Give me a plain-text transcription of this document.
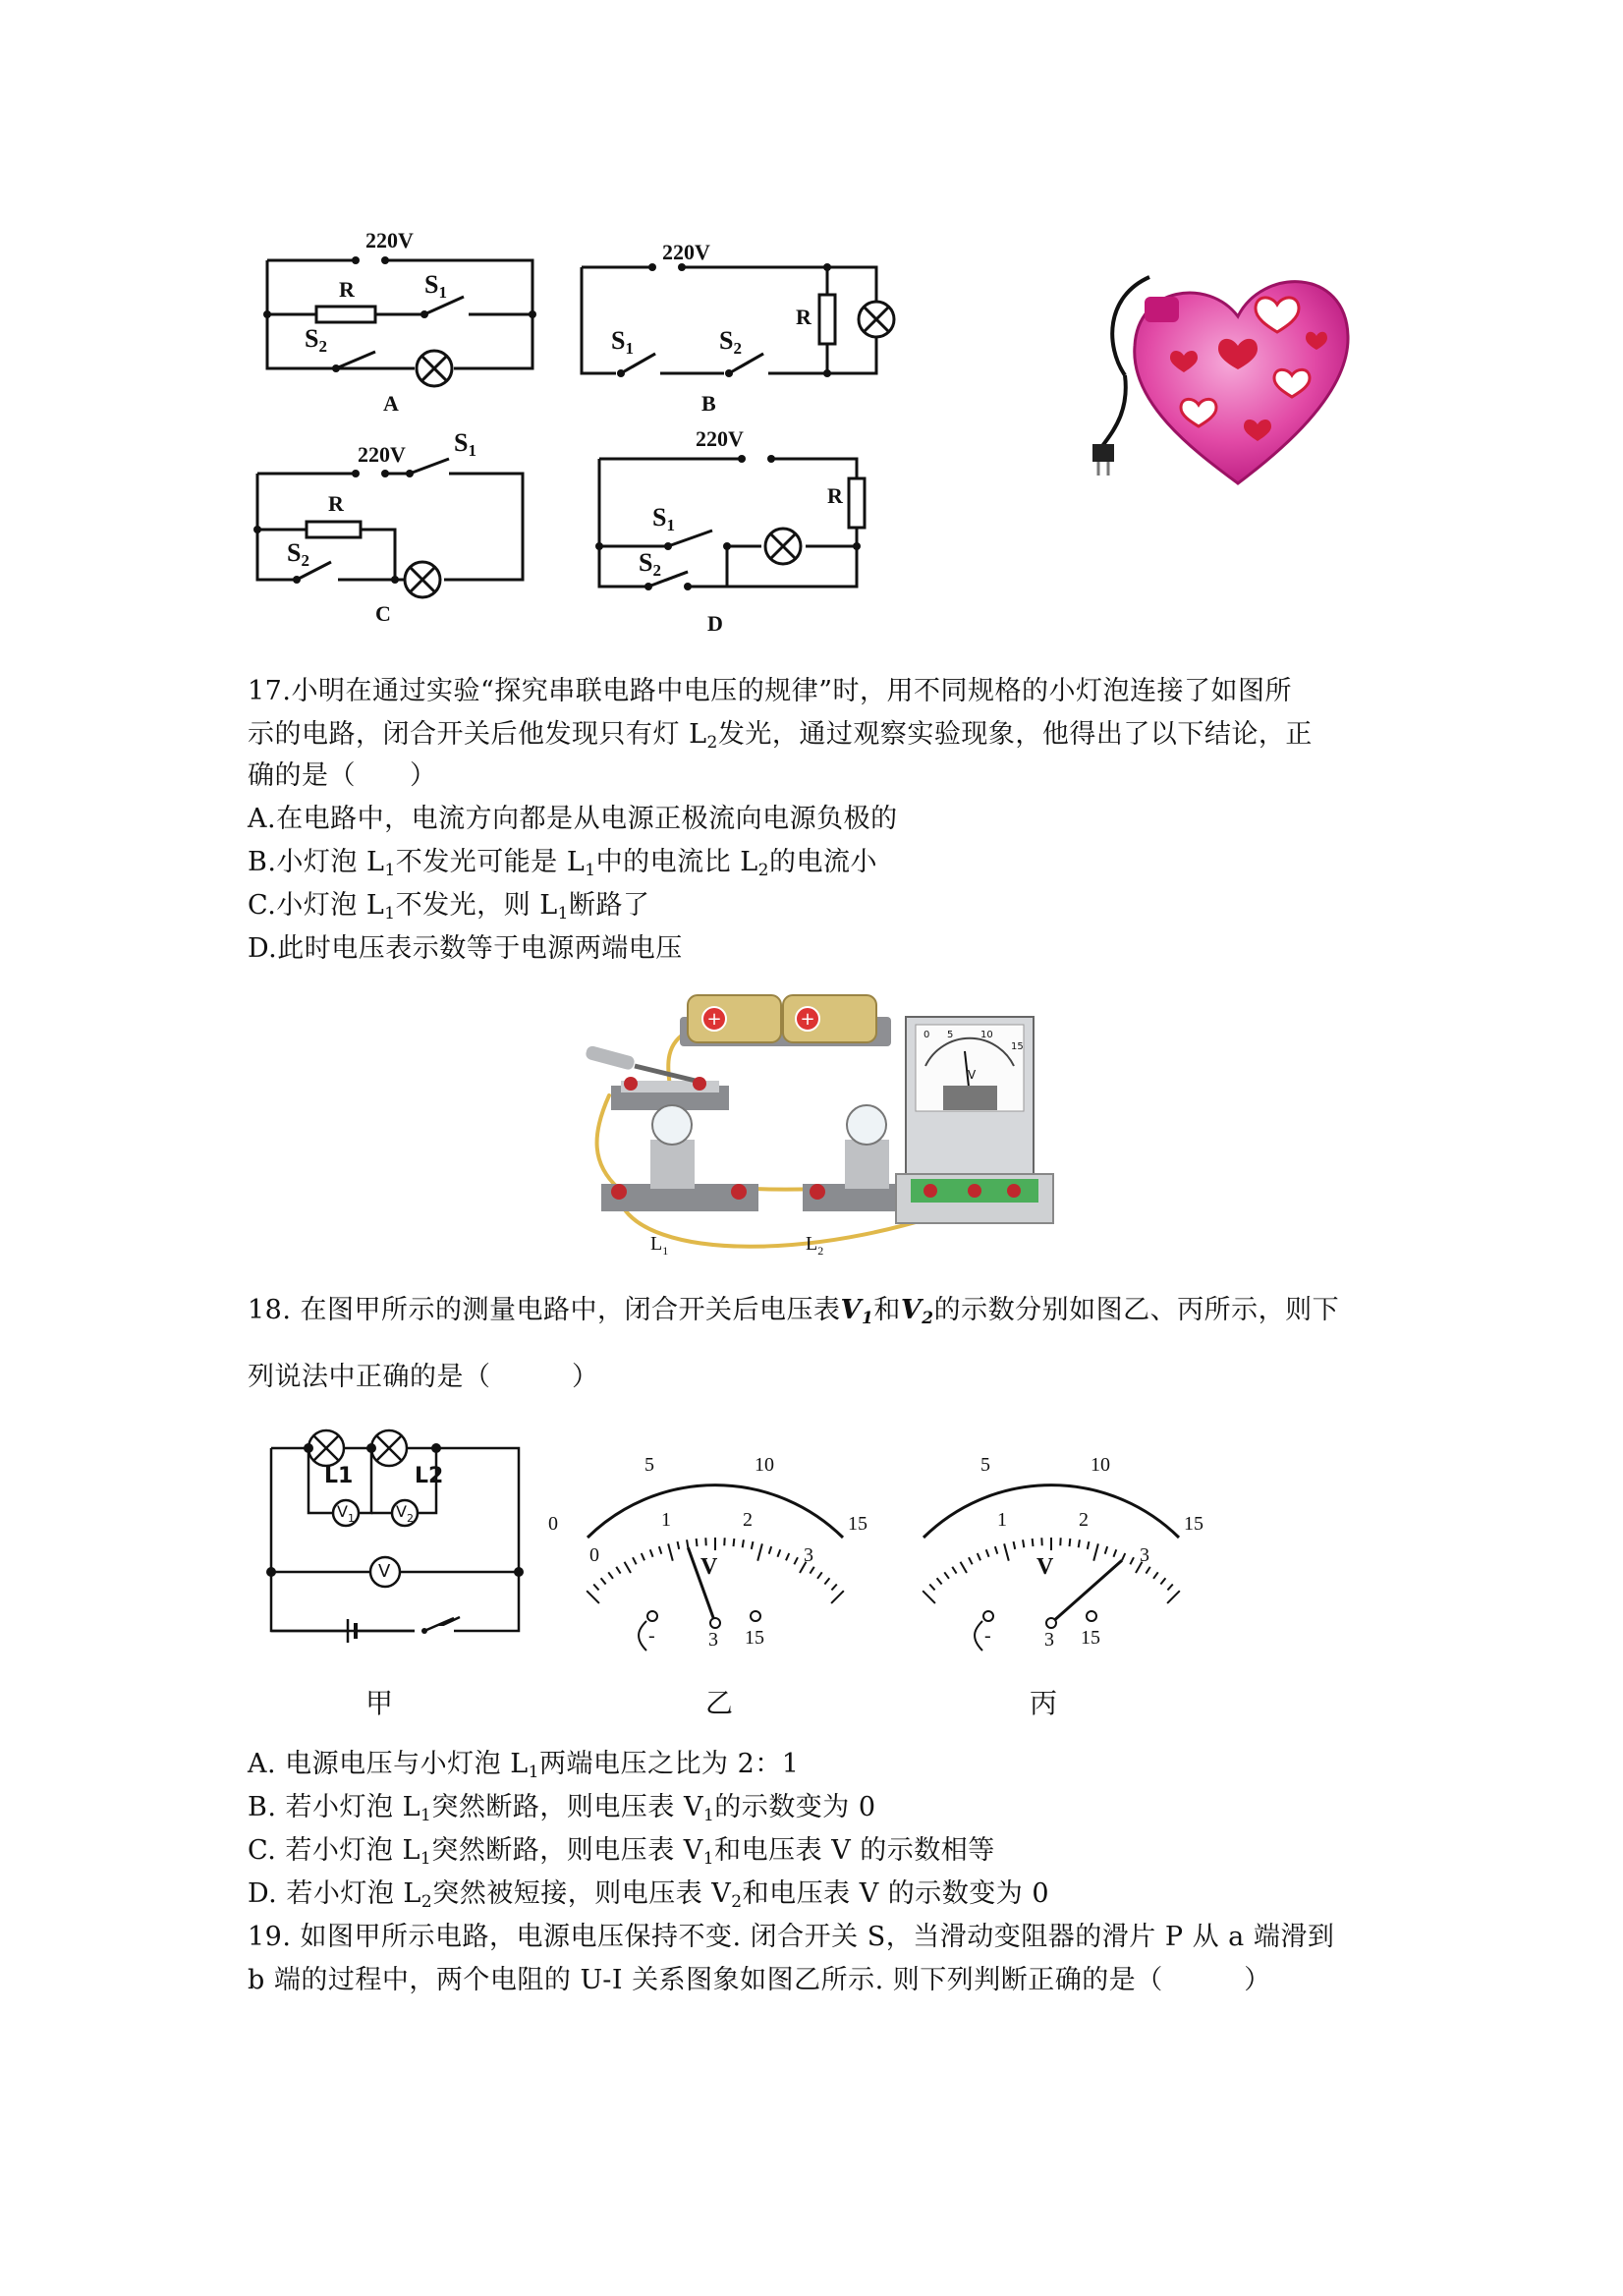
220V
R	$S_1$
$S_2$
A
220V
R
$S_1$	$S_2$
B
220V $S_1$
R
$S_2$
C
220V
R
$S_1$
$S_2$
D
17.小明在通过实验“探究串联电路中电压的规律”时，用不同规格的小灯泡连接了如图所
示的电路，闭合开关后他发现只有灯 $L_2$发光，通过观察实验现象，他得出了以下结论，正
确的是（　　）
A.在电路中，电流方向都是从电源正极流向电源负极的
B.小灯泡 $L_1$不发光可能是 $L_1$中的电流比 $L_2$的电流小
C.小灯泡 $L_1$不发光，则 $L_1$断路了
D.此时电压表示数等于电源两端电压
+	+
0 5	10
15
V
$L_1$	$L_2$
18. 在图甲所示的测量电路中，闭合开关后电压表$V_1$和$V_2$的示数分别如图乙、丙所示，则下
列说法中正确的是（　　　）
L1	L2
$V_1$	$V_2$
V
甲
0
5	10
15
0
1	2
3
V
-	3 15
乙
5	10
15
1	2
3
V
-	3 15
丙
A. 电源电压与小灯泡 $L_1$两端电压之比为 2：1
B. 若小灯泡 $L_1$突然断路，则电压表 $V_1$的示数变为 0
C. 若小灯泡 $L_1$突然断路，则电压表 $V_1$和电压表 V 的示数相等
D. 若小灯泡 $L_2$突然被短接，则电压表 $V_2$和电压表 V 的示数变为 0
19. 如图甲所示电路，电源电压保持不变. 闭合开关 S，当滑动变阻器的滑片 P 从 a 端滑到
b 端的过程中，两个电阻的 U-I 关系图象如图乙所示. 则下列判断正确的是（　　　）
